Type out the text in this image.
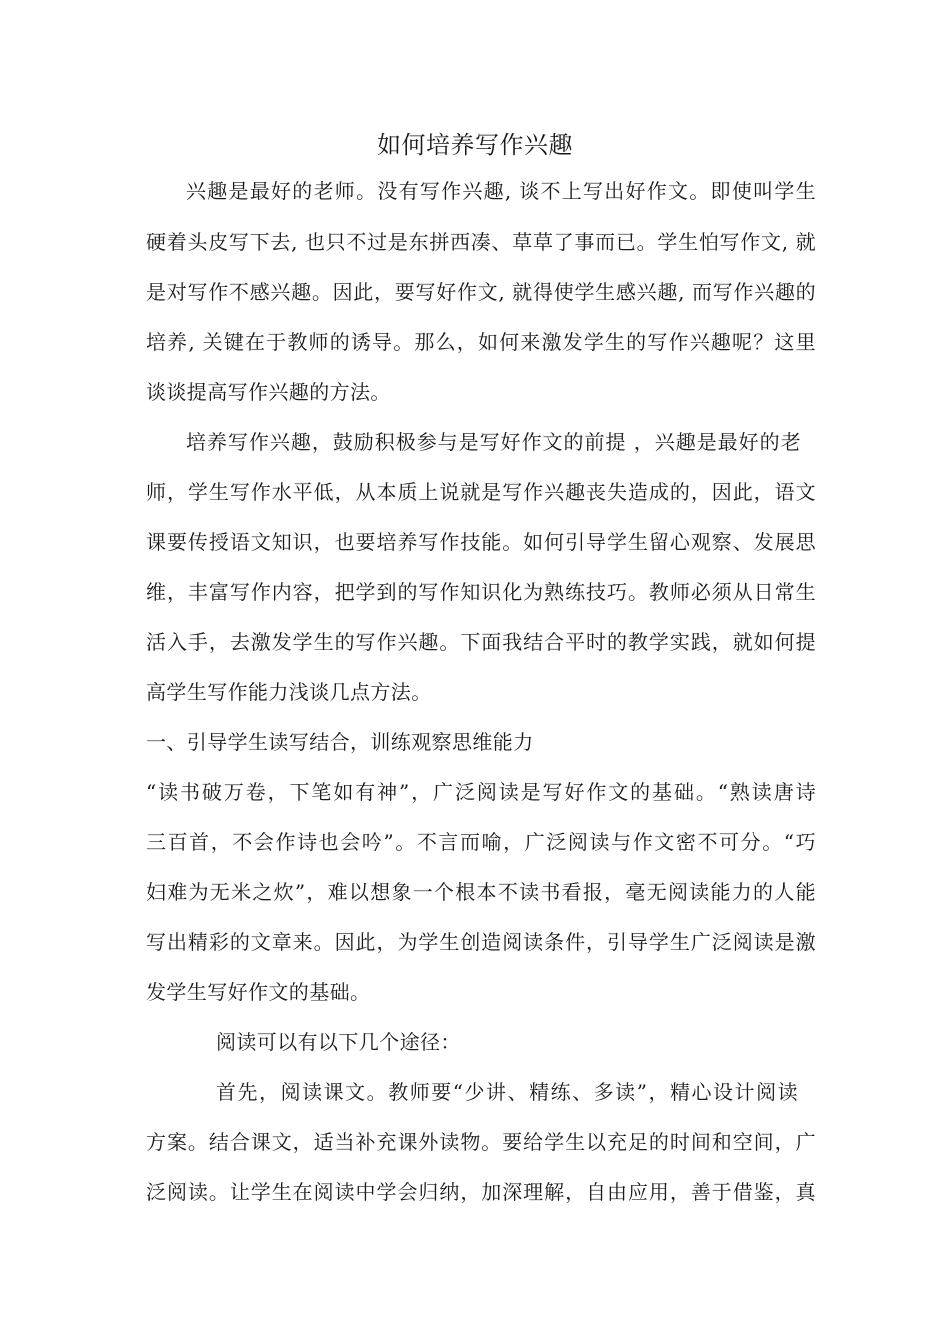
如何培养写作兴趣
兴趣是最好的老师。没有写作兴趣, 谈不上写出好作文。即使叫学生
硬着头皮写下去, 也只不过是东拼西凑、草草了事而已。学生怕写作文, 就
是对写作不感兴趣。因此，要写好作文, 就得使学生感兴趣, 而写作兴趣的
培养, 关键在于教师的诱导。那么，如何来激发学生的写作兴趣呢？这里
谈谈提高写作兴趣的方法。
培养写作兴趣，鼓励积极参与是写好作文的前提 ，兴趣是最好的老
师，学生写作水平低，从本质上说就是写作兴趣丧失造成的，因此，语文
课要传授语文知识，也要培养写作技能。如何引导学生留心观察、发展思
维，丰富写作内容，把学到的写作知识化为熟练技巧。教师必须从日常生
活入手，去激发学生的写作兴趣。下面我结合平时的教学实践，就如何提
高学生写作能力浅谈几点方法。
一、引导学生读写结合，训练观察思维能力
“读书破万卷，下笔如有神”，广泛阅读是写好作文的基础。“熟读唐诗
三百首，不会作诗也会吟”。不言而喻，广泛阅读与作文密不可分。“巧
妇难为无米之炊”，难以想象一个根本不读书看报，毫无阅读能力的人能
写出精彩的文章来。因此，为学生创造阅读条件，引导学生广泛阅读是激
发学生写好作文的基础。
阅读可以有以下几个途径：
首先，阅读课文。教师要“少讲、精练、多读”，精心设计阅读
方案。结合课文，适当补充课外读物。要给学生以充足的时间和空间，广
泛阅读。让学生在阅读中学会归纳，加深理解，自由应用，善于借鉴，真
